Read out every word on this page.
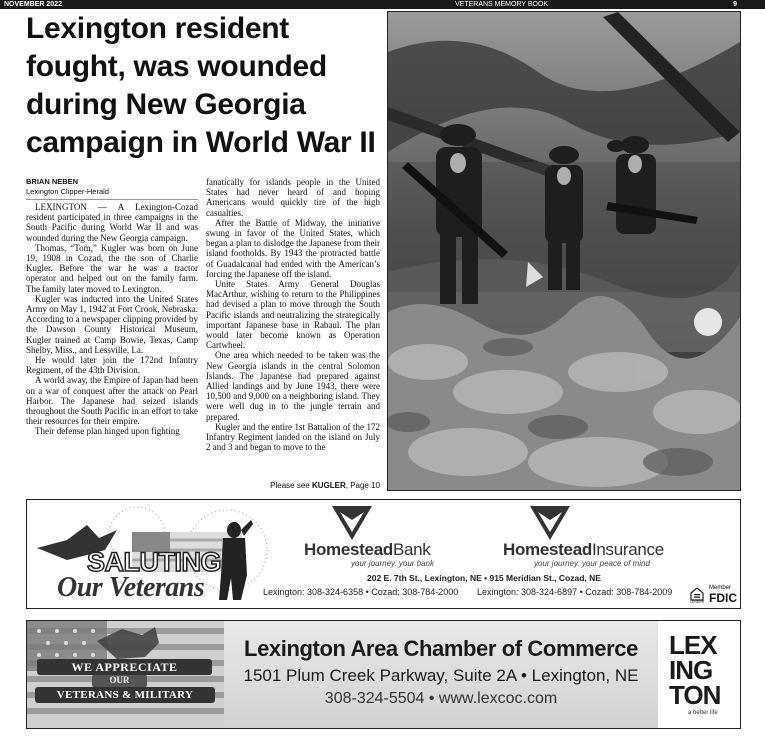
NOVEMBER 2022	VETERANS MEMORY BOOK	9
Lexington resident fought, was wounded during New Georgia campaign in World War II
BRIAN NEBEN
Lexington Clipper-Herald

LEXINGTON — A Lexington-Cozad resident participated in three campaigns in the South Pacific during World War II and was wounded during the New Georgia campaign.

Thomas, “Tom,” Kugler was born on June 19, 1908 in Cozad, the the son of Charlie Kugler. Before the war he was a tractor operator and helped out on the family farm. The family later moved to Lexington.

Kugler was inducted into the United States Army on May 1, 1942 at Fort Crook, Nebraska. According to a newspaper clipping provided by the Dawson County Historical Museum, Kugler trained at Camp Bowie, Texas, Camp Shelby, Miss., and Lessville, La.

He would later join the 172nd Infantry Regiment, of the 43th Division.

A world away, the Empire of Japan had been on a war of conquest after the attack on Pearl Harbor. The Japanese had seized islands throughout the South Pacific in an effort to take their resources for their empire.

Their defense plan hinged upon fighting

fanatically for islands people in the United States had never heard of and hoping Americans would quickly tire of the high casualties.

After the Battle of Midway, the initiative swung in favor of the United States, which began a plan to dislodge the Japanese from their island footholds. By 1943 the protracted battle of Guadalcanal had ended with the American’s forcing the Japanese off the island.

Unite States Army General Douglas MacArthur, wishing to return to the Philippines had devised a plan to move through the South Pacific islands and neutralizing the strategically important Japanese base in Rabaul. The plan would later become known as Operation Cartwheel.

One area which needed to be taken was the New Georgia islands in the central Solomon Islands. The Japanese had prepared against Allied landings and by June 1943, there were 10,500 and 9,000 on a neighboring island. They were well dug in to the jungle terrain and prepared.

Kugler and the entire 1st Battalion of the 172 Infantry Regiment landed on the island on July 2 and 3 and began to move to the

Please see KUGLER, Page 10
SALUTING
Our Veterans
HomesteadBank
your journey. your bank
HomesteadInsurance
your journey. your peace of mind
202 E. 7th St., Lexington, NE • 915 Meridian St., Cozad, NE
Lexington: 308-324-6358 • Cozad: 308-784-2000 Lexington: 308-324-6897 • Cozad: 308-784-2009
LENDER
Member
FDIC
WE APPRECIATE
OUR
VETERANS & MILITARY
Lexington Area Chamber of Commerce
1501 Plum Creek Parkway, Suite 2A • Lexington, NE
308-324-5504 • www.lexcoc.com
LEX
ING
TON
a better life
